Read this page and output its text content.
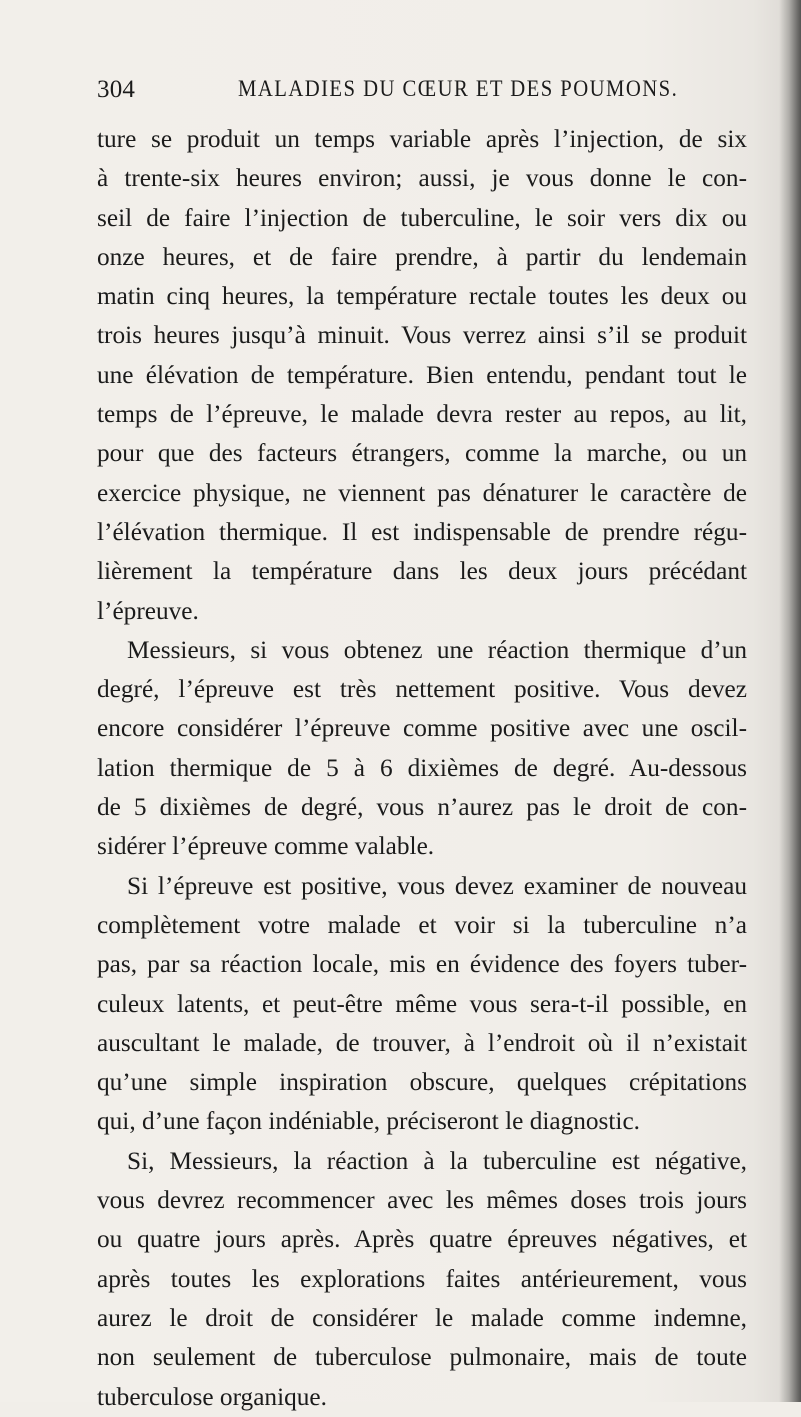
304	MALADIES DU CŒUR ET DES POUMONS.
ture se produit un temps variable après l’injection, de six
à trente-six heures environ; aussi, je vous donne le con-
seil de faire l’injection de tuberculine, le soir vers dix ou
onze heures, et de faire prendre, à partir du lendemain
matin cinq heures, la température rectale toutes les deux ou
trois heures jusqu’à minuit. Vous verrez ainsi s’il se produit
une élévation de température. Bien entendu, pendant tout le
temps de l’épreuve, le malade devra rester au repos, au lit,
pour que des facteurs étrangers, comme la marche, ou un
exercice physique, ne viennent pas dénaturer le caractère de
l’élévation thermique. Il est indispensable de prendre régu-
lièrement la température dans les deux jours précédant
l’épreuve.
Messieurs, si vous obtenez une réaction thermique d’un
degré, l’épreuve est très nettement positive. Vous devez
encore considérer l’épreuve comme positive avec une oscil-
lation thermique de 5 à 6 dixièmes de degré. Au-dessous
de 5 dixièmes de degré, vous n’aurez pas le droit de con-
sidérer l’épreuve comme valable.
Si l’épreuve est positive, vous devez examiner de nouveau
complètement votre malade et voir si la tuberculine n’a
pas, par sa réaction locale, mis en évidence des foyers tuber-
culeux latents, et peut-être même vous sera-t-il possible, en
auscultant le malade, de trouver, à l’endroit où il n’existait
qu’une simple inspiration obscure, quelques crépitations
qui, d’une façon indéniable, préciseront le diagnostic.
Si, Messieurs, la réaction à la tuberculine est négative,
vous devrez recommencer avec les mêmes doses trois jours
ou quatre jours après. Après quatre épreuves négatives, et
après toutes les explorations faites antérieurement, vous
aurez le droit de considérer le malade comme indemne,
non seulement de tuberculose pulmonaire, mais de toute
tuberculose organique.
